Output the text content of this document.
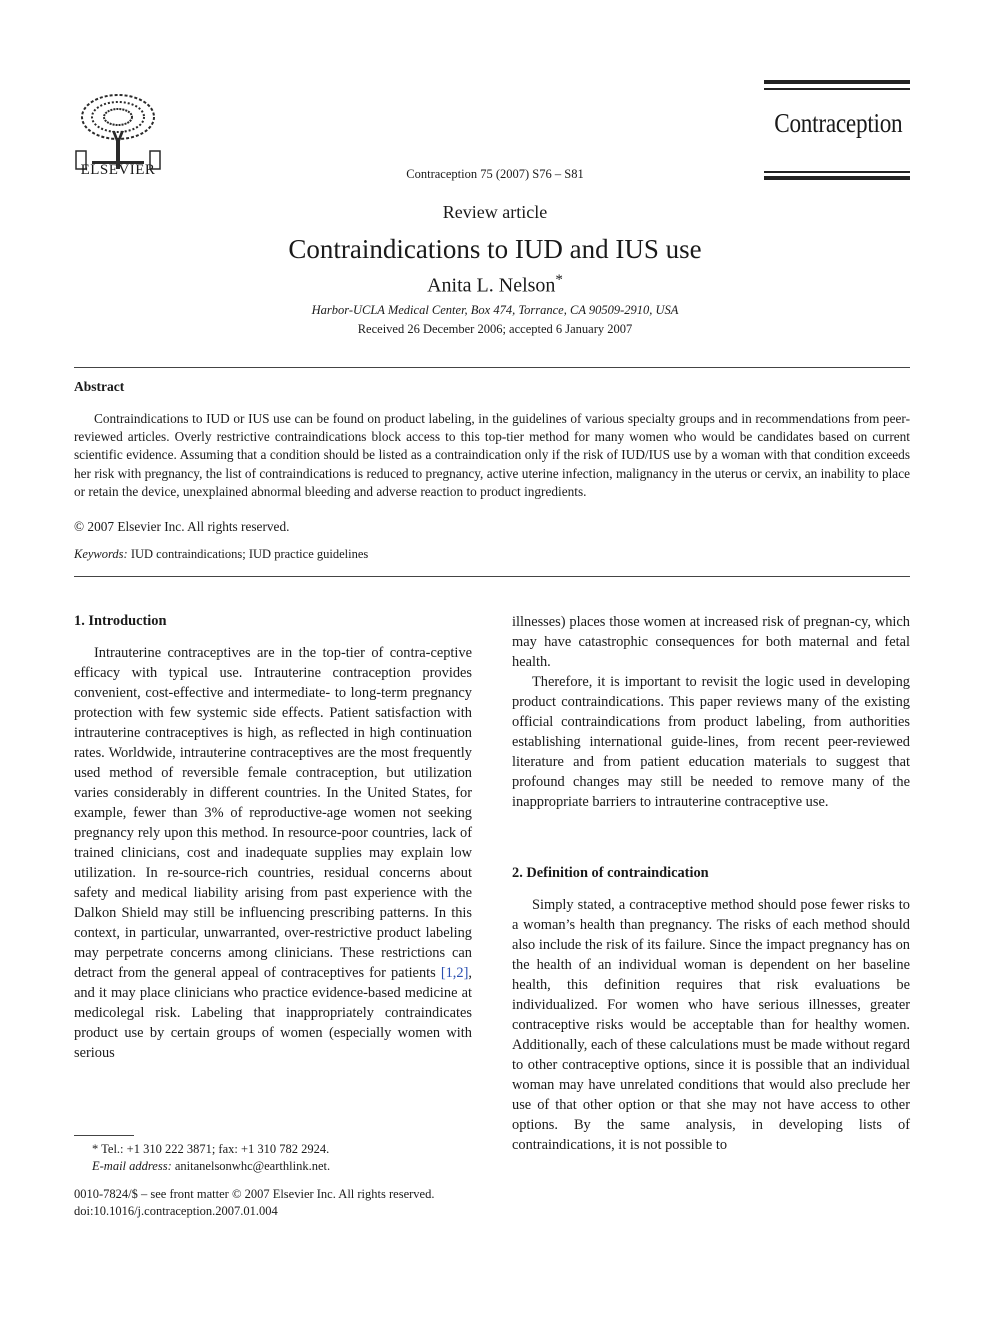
ELSEVIER	Contraception 75 (2007) S76 – S81
Contraception
Review article
Contraindications to IUD and IUS use
Anita L. Nelson*
Harbor-UCLA Medical Center, Box 474, Torrance, CA 90509-2910, USA
Received 26 December 2006; accepted 6 January 2007
Abstract
Contraindications to IUD or IUS use can be found on product labeling, in the guidelines of various specialty groups and in recommendations from peer-reviewed articles. Overly restrictive contraindications block access to this top-tier method for many women who would be candidates based on current scientific evidence. Assuming that a condition should be listed as a contraindication only if the risk of IUD/IUS use by a woman with that condition exceeds her risk with pregnancy, the list of contraindications is reduced to pregnancy, active uterine infection, malignancy in the uterus or cervix, an inability to place or retain the device, unexplained abnormal bleeding and adverse reaction to product ingredients.
© 2007 Elsevier Inc. All rights reserved.
Keywords: IUD contraindications; IUD practice guidelines
1. Introduction

Intrauterine contraceptives are in the top-tier of contra-ceptive efficacy with typical use. Intrauterine contraception provides convenient, cost-effective and intermediate- to long-term pregnancy protection with few systemic side effects. Patient satisfaction with intrauterine contraceptives is high, as reflected in high continuation rates. Worldwide, intrauterine contraceptives are the most frequently used method of reversible female contraception, but utilization varies considerably in different countries. In the United States, for example, fewer than 3% of reproductive-age women not seeking pregnancy rely upon this method. In resource-poor countries, lack of trained clinicians, cost and inadequate supplies may explain low utilization. In re-source-rich countries, residual concerns about safety and medical liability arising from past experience with the Dalkon Shield may still be influencing prescribing patterns. In this context, in particular, unwarranted, over-restrictive product labeling may perpetrate concerns among clinicians. These restrictions can detract from the general appeal of contraceptives for patients [1,2], and it may place clinicians who practice evidence-based medicine at medicolegal risk. Labeling that inappropriately contraindicates product use by certain groups of women (especially women with serious

illnesses) places those women at increased risk of pregnan-cy, which may have catastrophic consequences for both maternal and fetal health.

Therefore, it is important to revisit the logic used in developing product contraindications. This paper reviews many of the existing official contraindications from product labeling, from authorities establishing international guide-lines, from recent peer-reviewed literature and from patient education materials to suggest that profound changes may still be needed to remove many of the inappropriate barriers to intrauterine contraceptive use.

2. Definition of contraindication

Simply stated, a contraceptive method should pose fewer risks to a woman’s health than pregnancy. The risks of each method should also include the risk of its failure. Since the impact pregnancy has on the health of an individual woman is dependent on her baseline health, this definition requires that risk evaluations be individualized. For women who have serious illnesses, greater contraceptive risks would be acceptable than for healthy women. Additionally, each of these calculations must be made without regard to other contraceptive options, since it is possible that an individual woman may have unrelated conditions that would also preclude her use of that other option or that she may not have access to other options. By the same analysis, in developing lists of contraindications, it is not possible to

* Tel.: +1 310 222 3871; fax: +1 310 782 2924.
E-mail address: anitanelsonwhc@earthlink.net.
0010-7824/$ – see front matter © 2007 Elsevier Inc. All rights reserved.
doi:10.1016/j.contraception.2007.01.004
